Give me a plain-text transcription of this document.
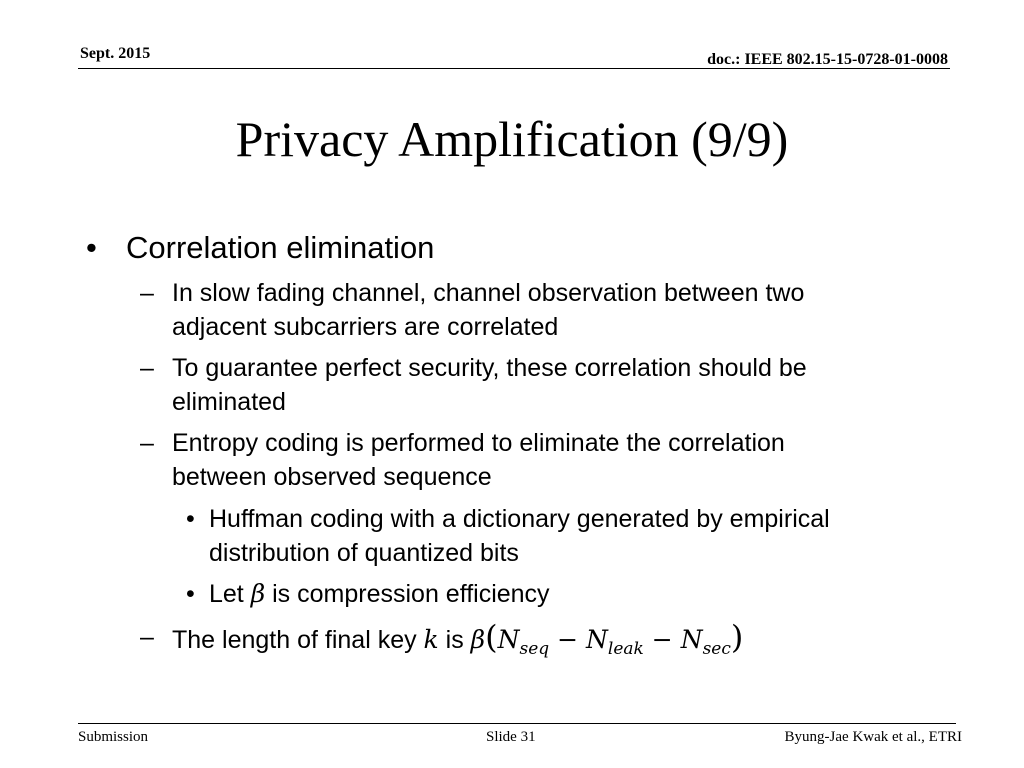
Sept. 2015	doc.: IEEE 802.15-15-0728-01-0008
Privacy Amplification (9/9)
• Correlation elimination
– In slow fading channel, channel observation between two
adjacent subcarriers are correlated
– To guarantee perfect security, these correlation should be
eliminated
– Entropy coding is performed to eliminate the correlation
between observed sequence
• Huffman coding with a dictionary generated by empirical
distribution of quantized bits
• Let β is compression efficiency
– The length of final key k is $\beta(N_{seq} - N_{leak} - N_{sec})$
Submission	Slide 31	Byung-Jae Kwak et al., ETRI
